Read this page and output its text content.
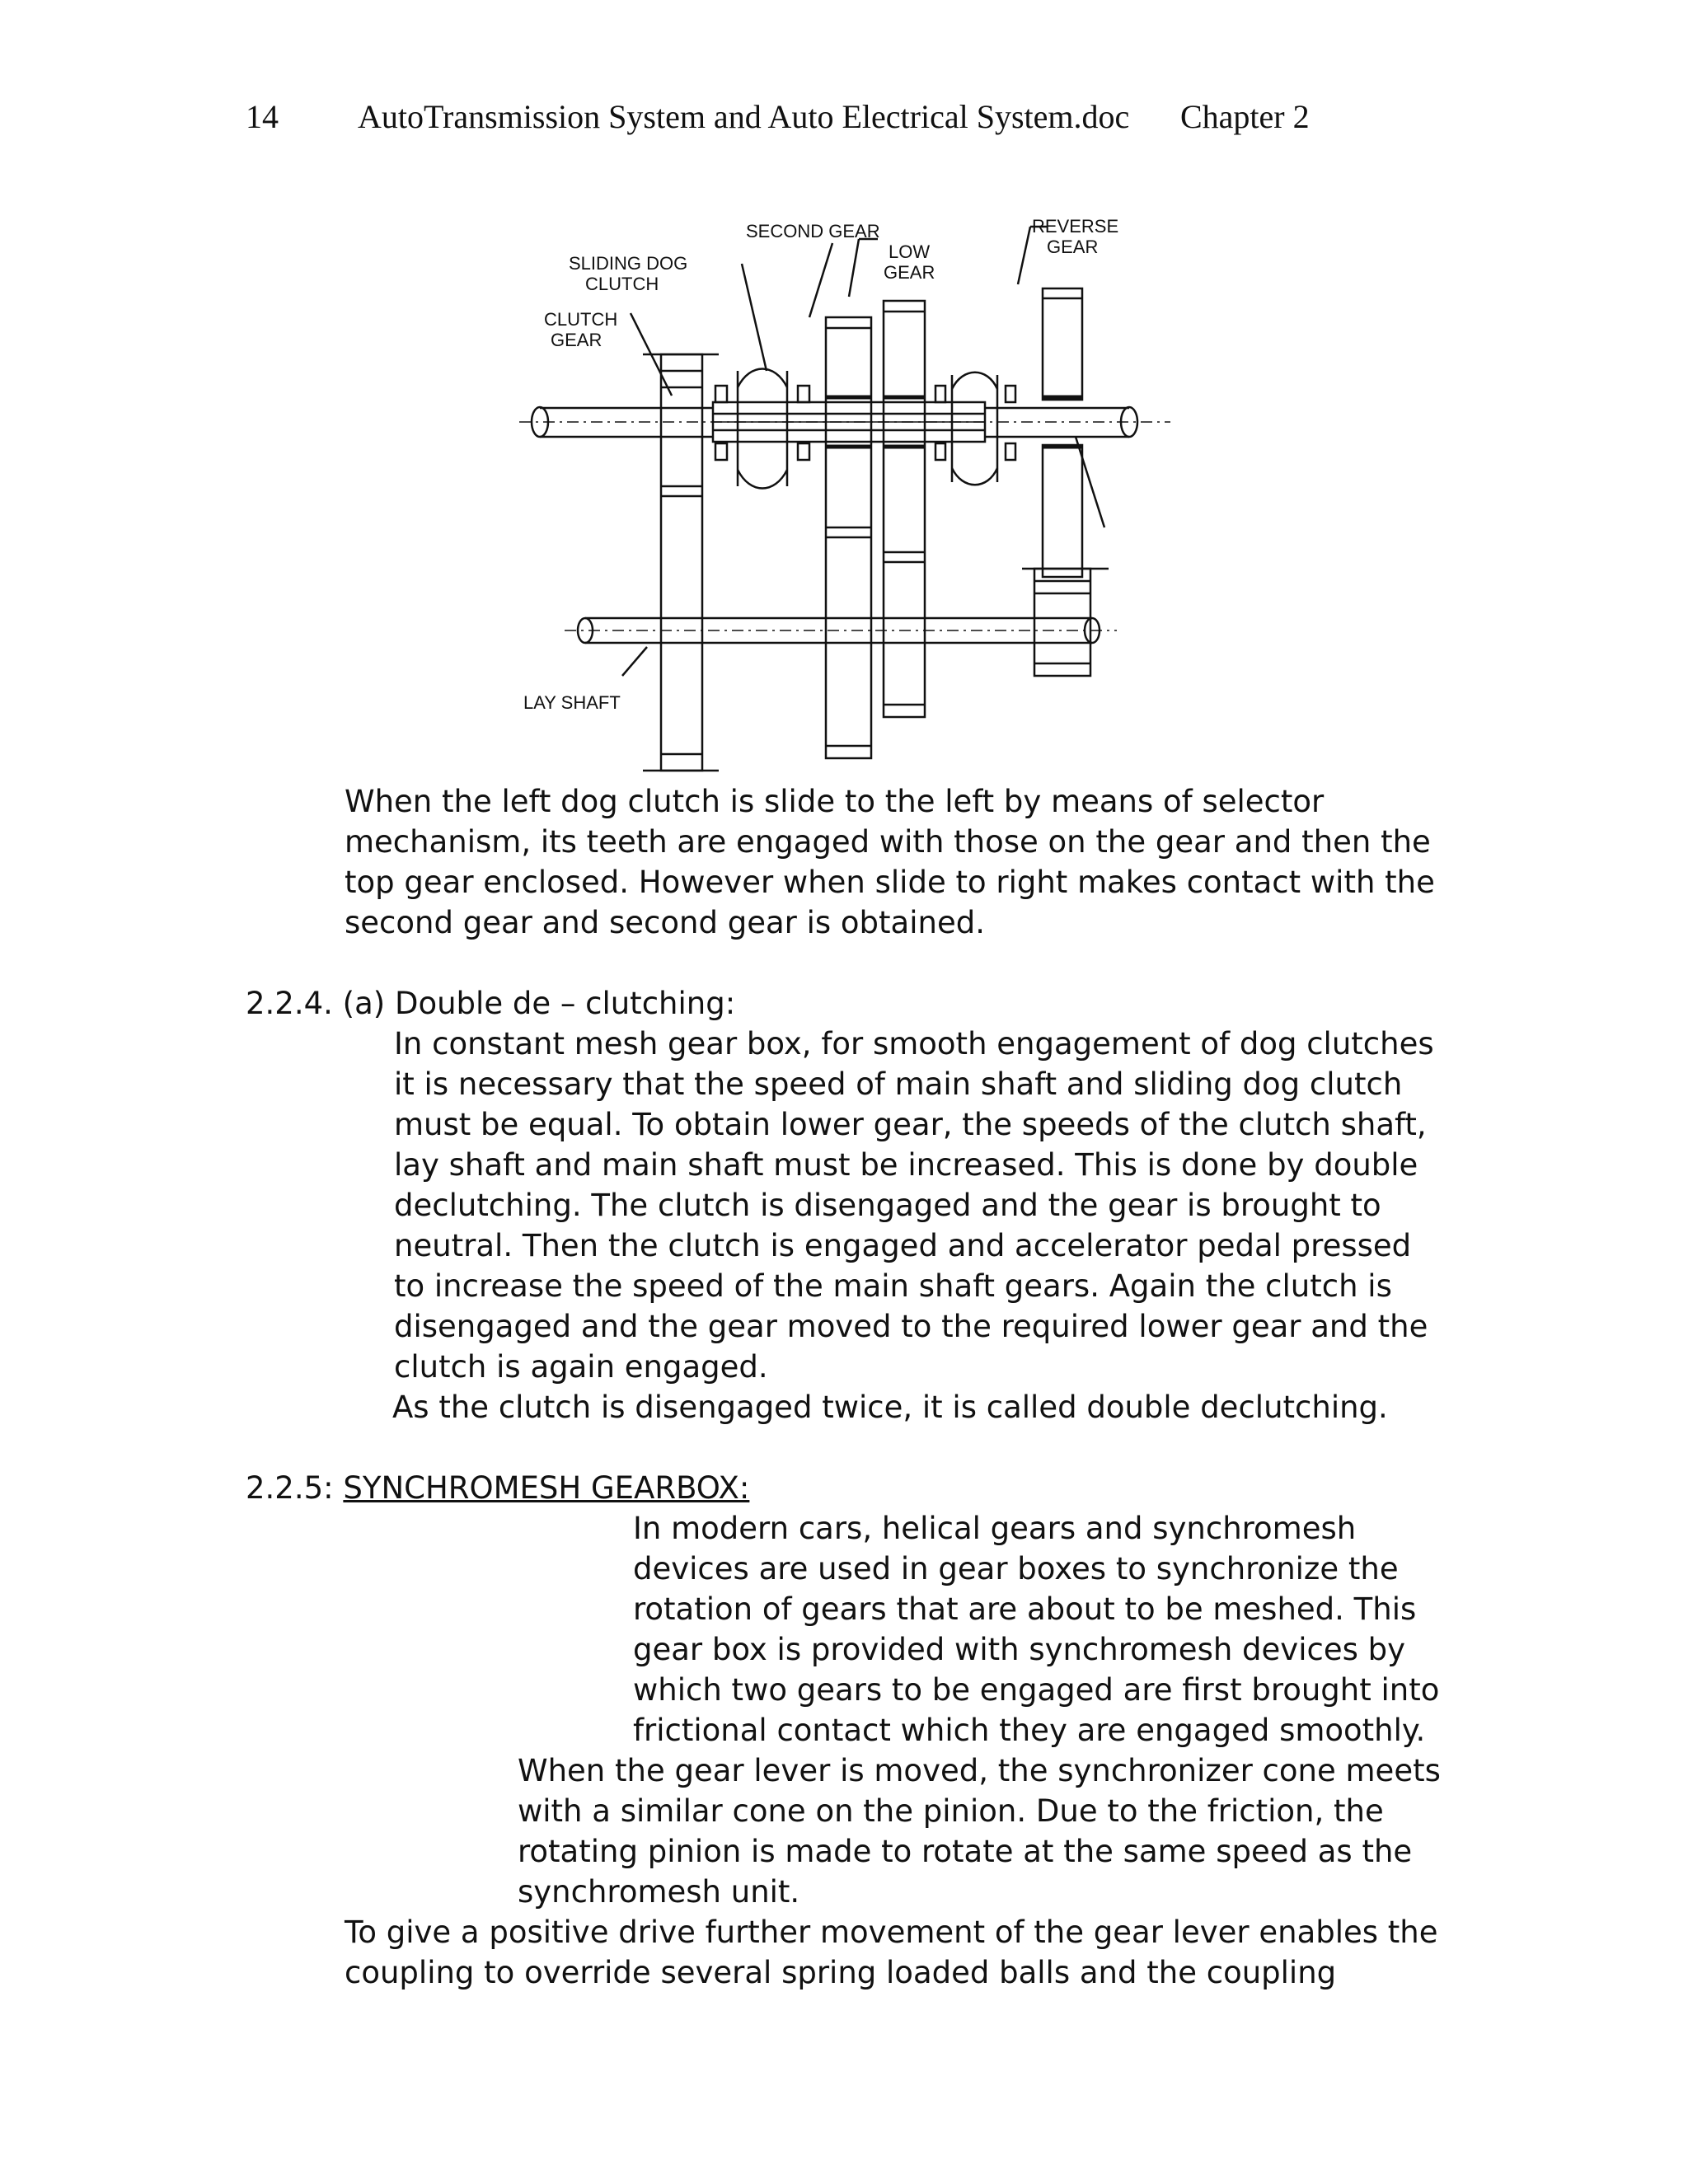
14 AutoTransmission System and Auto Electrical System.doc Chapter 2
SECOND GEAR
LOW
GEAR
REVERSE
GEAR
SLIDING DOG
CLUTCH
CLUTCH
GEAR
LAY SHAFT

When the left dog clutch is slide to the left by means of selector mechanism, its teeth are engaged with those on the gear and then the top gear enclosed. However when slide to right makes contact with the second gear and second gear is obtained.

2.2.4. (a) Double de – clutching:

In constant mesh gear box, for smooth engagement of dog clutches it is necessary that the speed of main shaft and sliding dog clutch must be equal. To obtain lower gear, the speeds of the clutch shaft, lay shaft and main shaft must be increased. This is done by double declutching. The clutch is disengaged and the gear is brought to neutral. Then the clutch is engaged and accelerator pedal pressed to increase the speed of the main shaft gears. Again the clutch is disengaged and the gear moved to the required lower gear and the clutch is again engaged.

As the clutch is disengaged twice, it is called double declutching.

2.2.5: SYNCHROMESH GEARBOX:

In modern cars, helical gears and synchromesh devices are used in gear boxes to synchronize the rotation of gears that are about to be meshed. This gear box is provided with synchromesh devices by which two gears to be engaged are first brought into frictional contact which they are engaged smoothly.

When the gear lever is moved, the synchronizer cone meets with a similar cone on the pinion. Due to the friction, the rotating pinion is made to rotate at the same speed as the synchromesh unit.

To give a positive drive further movement of the gear lever enables the coupling to override several spring loaded balls and the coupling
